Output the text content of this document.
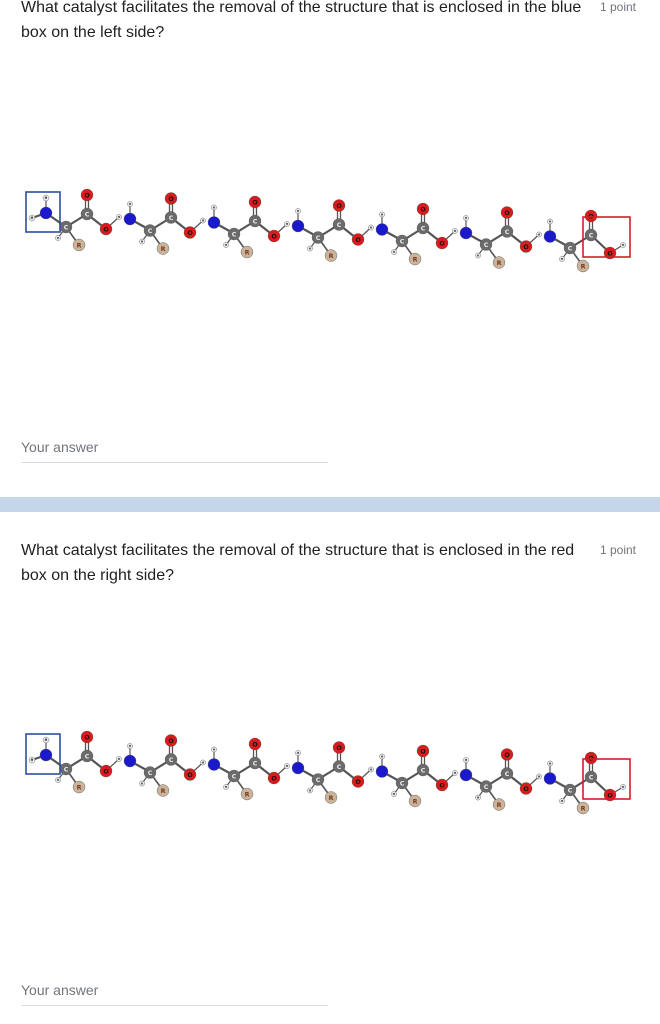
What catalyst facilitates the removal of the structure that is enclosed in the blue box on the left side?
1 point
H
H
H
R
C
O
C
O
H
H
H
R
C
O
C
O
H
H
H
R
C
O
C
O
H
H
H
R
C
O
C
O
H
H
H
R
C
O
C
O
H
H
H
R
C
O
C
O
H
H
H
R
C
O
C
O
H
Your answer
What catalyst facilitates the removal of the structure that is enclosed in the red box on the right side?
1 point
H
H
H
R
C
O
C
O
H
H
H
R
C
O
C
O
H
H
H
R
C
O
C
O
H
H
H
R
C
O
C
O
H
H
H
R
C
O
C
O
H
H
H
R
C
O
C
O
H
H
H
R
C
O
C
O
H
Your answer
